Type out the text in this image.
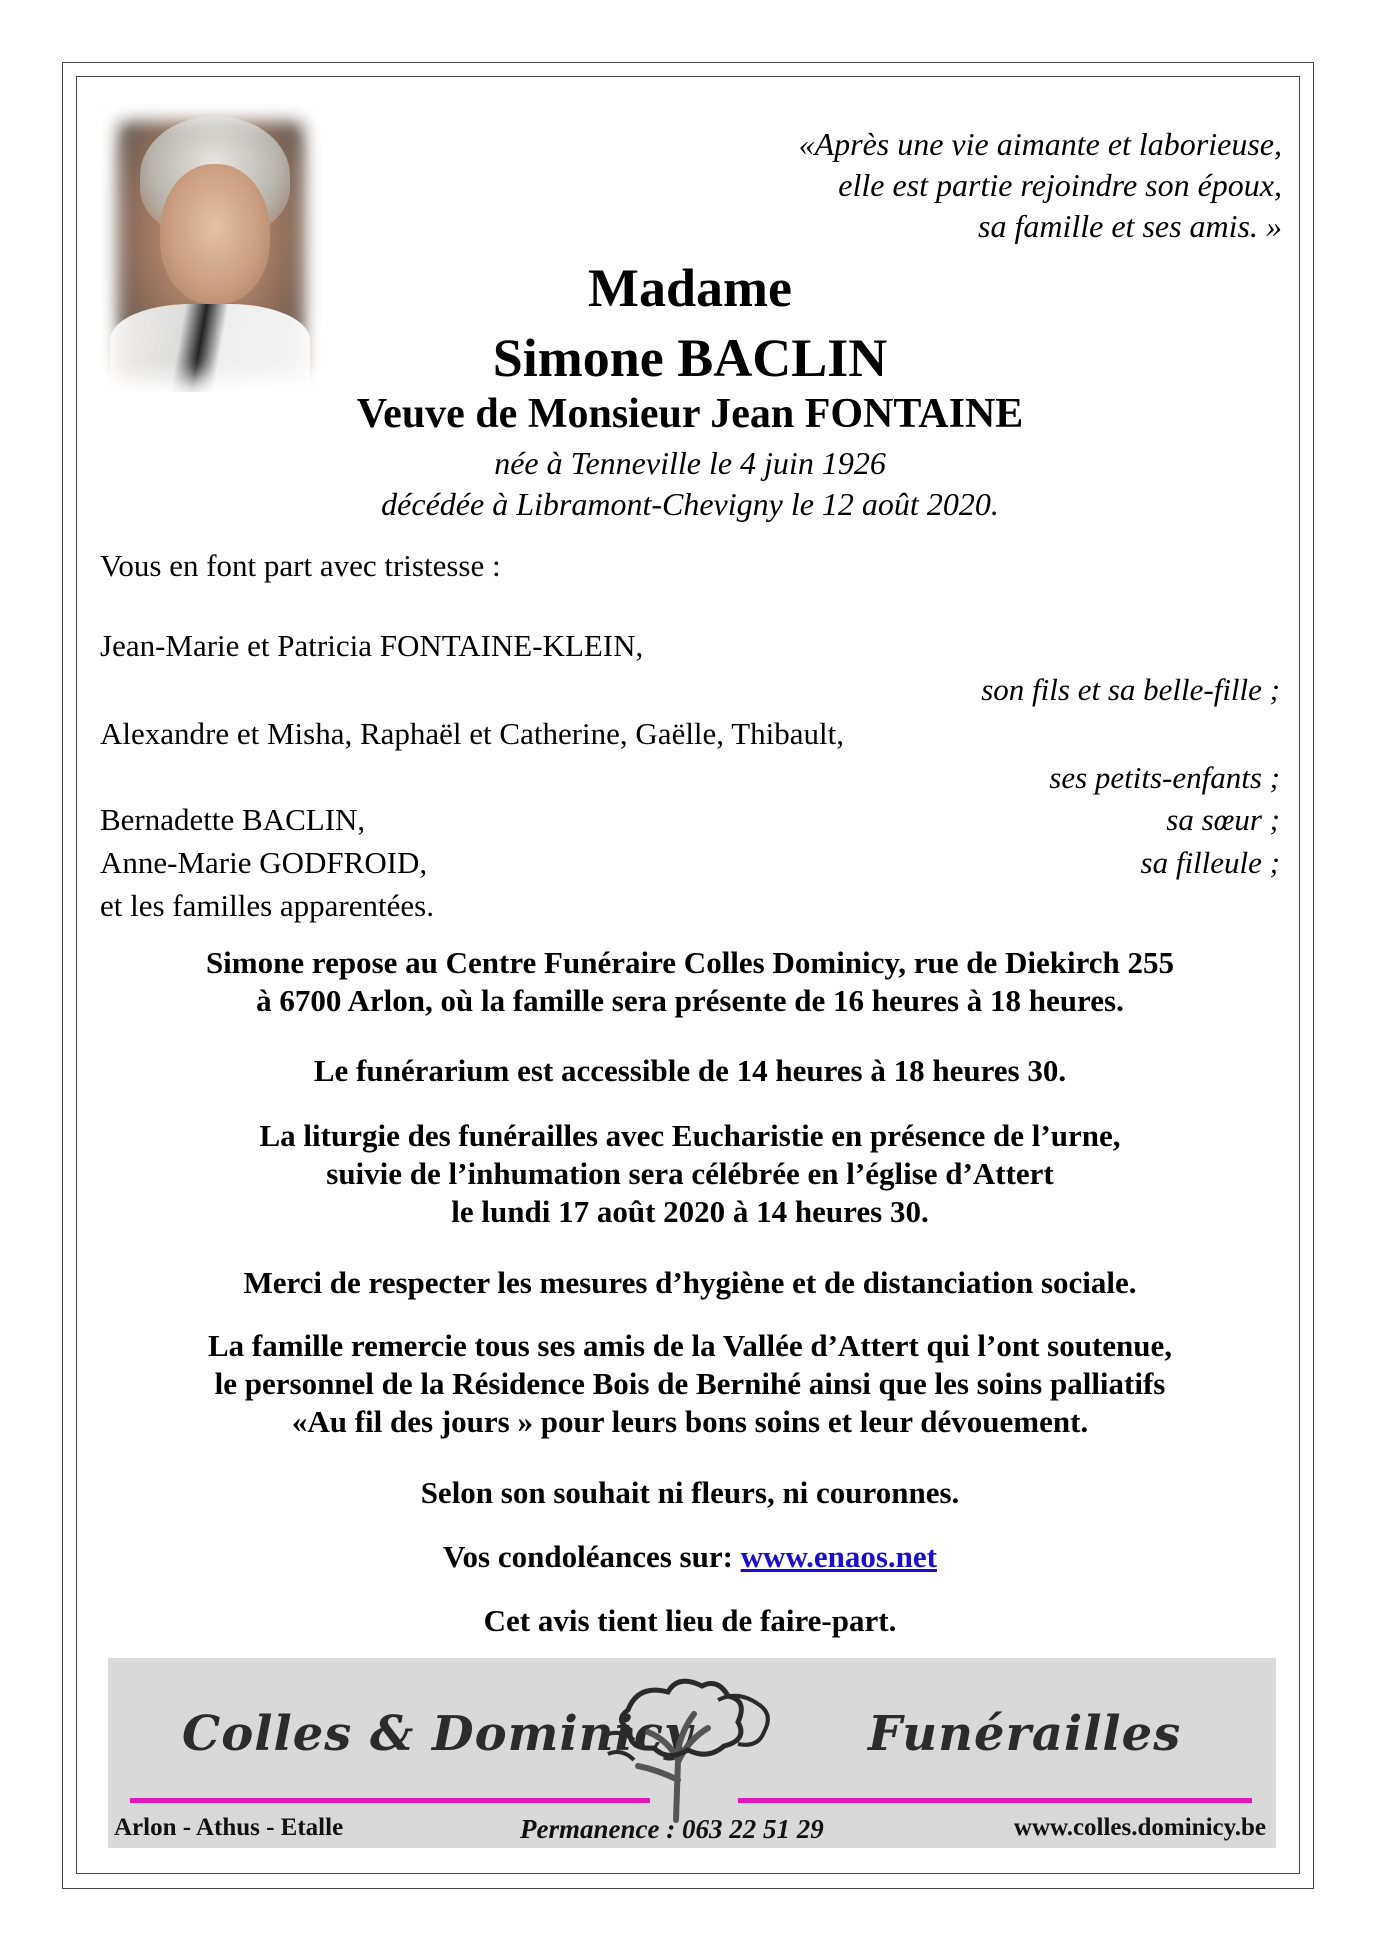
«Après une vie aimante et laborieuse,
elle est partie rejoindre son époux,
sa famille et ses amis. »
Madame
Simone BACLIN
Veuve de Monsieur Jean FONTAINE
née à Tenneville le 4 juin 1926
décédée à Libramont-Chevigny le 12 août 2020.
Vous en font part avec tristesse :
Jean-Marie et Patricia FONTAINE-KLEIN,
son fils et sa belle-fille ;
Alexandre et Misha, Raphaël et Catherine, Gaëlle, Thibault,
ses petits-enfants ;
Bernadette BACLIN,	sa sœur ;
Anne-Marie GODFROID,	sa filleule ;
et les familles apparentées.
Simone repose au Centre Funéraire Colles Dominicy, rue de Diekirch 255
à 6700 Arlon, où la famille sera présente de 16 heures à 18 heures.
Le funérarium est accessible de 14 heures à 18 heures 30.
La liturgie des funérailles avec Eucharistie en présence de l’urne,
suivie de l’inhumation sera célébrée en l’église d’Attert
le lundi 17 août 2020 à 14 heures 30.
Merci de respecter les mesures d’hygiène et de distanciation sociale.
La famille remercie tous ses amis de la Vallée d’Attert qui l’ont soutenue,
le personnel de la Résidence Bois de Bernihé ainsi que les soins palliatifs
«Au fil des jours » pour leurs bons soins et leur dévouement.
Selon son souhait ni fleurs, ni couronnes.
Vos condoléances sur: www.enaos.net
Cet avis tient lieu de faire-part.
Colles & Dominicy	Funérailles
Arlon - Athus - Etalle	Permanence : 063 22 51 29	www.colles.dominicy.be
